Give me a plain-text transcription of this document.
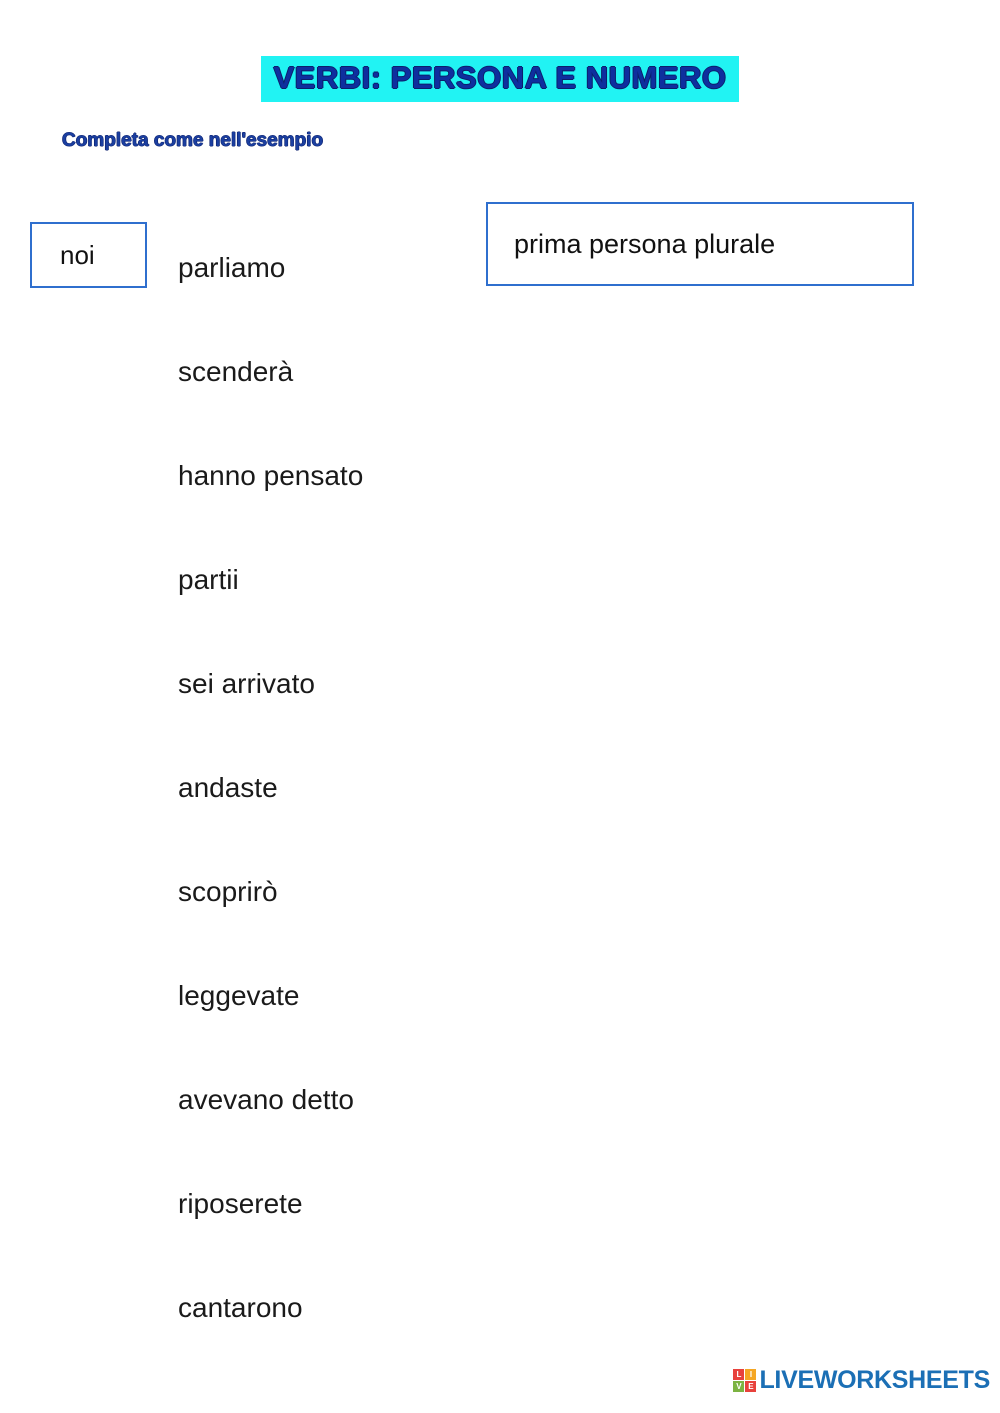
VERBI: PERSONA E NUMERO
Completa come nell'esempio
noi	prima persona plurale
parliamo
scenderà
hanno pensato
partii
sei arrivato
andaste
scoprirò
leggevate
avevano detto
riposerete
cantarono
L	I
V E LIVEWORKSHEETS
